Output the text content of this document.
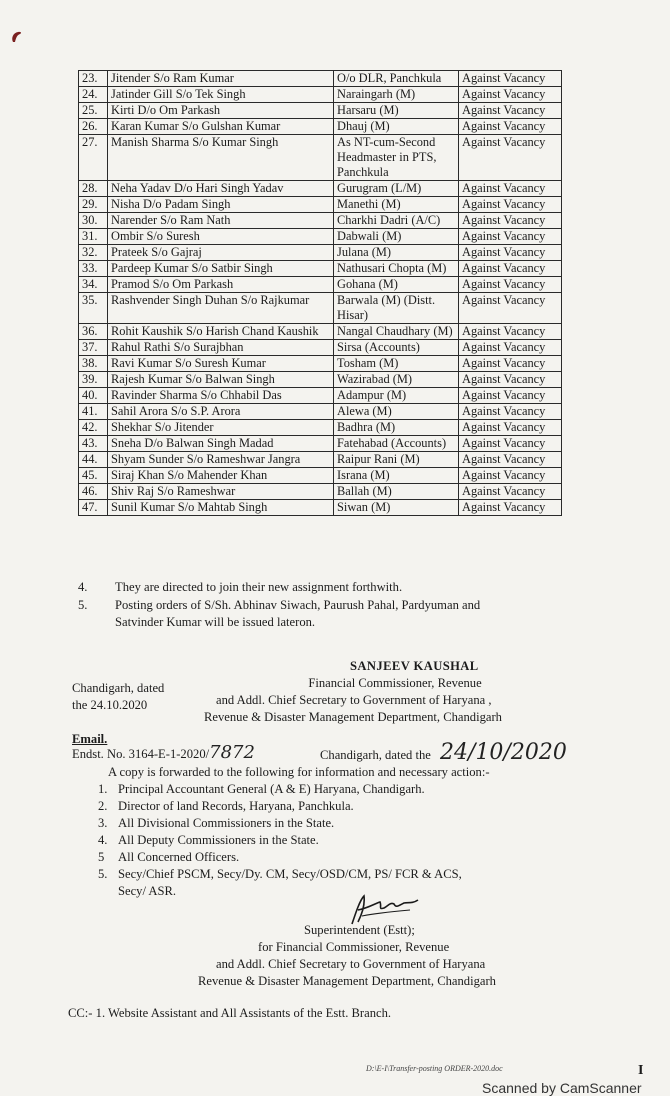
23.	Jitender S/o Ram Kumar	O/o DLR, Panchkula	Against Vacancy
24.	Jatinder Gill S/o Tek Singh	Naraingarh (M)	Against Vacancy
25.	Kirti D/o Om Parkash	Harsaru (M)	Against Vacancy
26.	Karan Kumar S/o Gulshan Kumar	Dhauj (M)	Against Vacancy
27.	Manish Sharma S/o Kumar Singh	As NT-cum-Second Headmaster in PTS, Panchkula	Against Vacancy
28.	Neha Yadav D/o Hari Singh Yadav	Gurugram (L/M)	Against Vacancy
29.	Nisha D/o Padam Singh	Manethi (M)	Against Vacancy
30.	Narender S/o Ram Nath	Charkhi Dadri (A/C)	Against Vacancy
31.	Ombir S/o Suresh	Dabwali (M)	Against Vacancy
32.	Prateek S/o Gajraj	Julana (M)	Against Vacancy
33.	Pardeep Kumar S/o Satbir Singh	Nathusari Chopta (M)	Against Vacancy
34.	Pramod S/o Om Parkash	Gohana (M)	Against Vacancy
35.	Rashvender Singh Duhan S/o Rajkumar	Barwala (M) (Distt. Hisar)	Against Vacancy
36.	Rohit Kaushik S/o Harish Chand Kaushik	Nangal Chaudhary (M)	Against Vacancy
37.	Rahul Rathi S/o Surajbhan	Sirsa (Accounts)	Against Vacancy
38.	Ravi Kumar S/o Suresh Kumar	Tosham (M)	Against Vacancy
39.	Rajesh Kumar S/o Balwan Singh	Wazirabad (M)	Against Vacancy
40.	Ravinder Sharma S/o Chhabil Das	Adampur (M)	Against Vacancy
41.	Sahil Arora S/o S.P. Arora	Alewa (M)	Against Vacancy
42.	Shekhar S/o Jitender	Badhra (M)	Against Vacancy
43.	Sneha D/o Balwan Singh Madad	Fatehabad (Accounts)	Against Vacancy
44.	Shyam Sunder S/o Rameshwar Jangra	Raipur Rani (M)	Against Vacancy
45.	Siraj Khan S/o Mahender Khan	Israna (M)	Against Vacancy
46.	Shiv Raj S/o Rameshwar	Ballah (M)	Against Vacancy
47.	Sunil Kumar S/o Mahtab Singh	Siwan (M)	Against Vacancy
4. They are directed to join their new assignment forthwith.
5. Posting orders of S/Sh. Abhinav Siwach, Paurush Pahal, Pardyuman and
Satvinder Kumar will be issued lateron.
SANJEEV KAUSHAL
Financial Commissioner, Revenue
and Addl. Chief Secretary to Government of Haryana ,
Revenue & Disaster Management Department, Chandigarh
Chandigarh, dated
the 24.10.2020
Email.
Endst. No. 3164-E-1-2020/7872	Chandigarh, dated the 24/10/2020
A copy is forwarded to the following for information and necessary action:-
1. Principal Accountant General (A & E) Haryana, Chandigarh.
2. Director of land Records, Haryana, Panchkula.
3. All Divisional Commissioners in the State.
4. All Deputy Commissioners in the State.
5 All Concerned Officers.
5. Secy/Chief PSCM, Secy/Dy. CM, Secy/OSD/CM, PS/ FCR & ACS,
Secy/ ASR.
Superintendent (Estt);
for Financial Commissioner, Revenue
and Addl. Chief Secretary to Government of Haryana
Revenue & Disaster Management Department, Chandigarh
CC:- 1. Website Assistant and All Assistants of the Estt. Branch.
D:\E-I\Transfer-posting ORDER-2020.doc	I
Scanned by CamScanner
